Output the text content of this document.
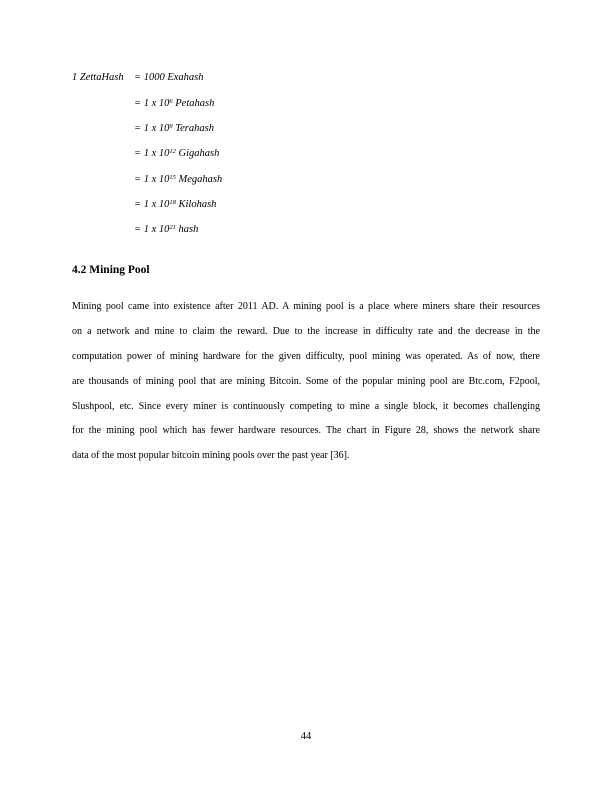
1 ZettaHash = 1000 Exahash
= 1 x $10^6$ Petahash
= 1 x $10^9$ Terahash
= 1 x $10^{12}$ Gigahash
= 1 x $10^{15}$ Megahash
= 1 x $10^{18}$ Kilohash
= 1 x $10^{21}$ hash
4.2 Mining Pool
Mining pool came into existence after 2011 AD. A mining pool is a place where miners share their resources
on a network and mine to claim the reward. Due to the increase in difficulty rate and the decrease in the
computation power of mining hardware for the given difficulty, pool mining was operated. As of now, there
are thousands of mining pool that are mining Bitcoin. Some of the popular mining pool are Btc.com, F2pool,
Slushpool, etc. Since every miner is continuously competing to mine a single block, it becomes challenging
for the mining pool which has fewer hardware resources. The chart in Figure 28, shows the network share
data of the most popular bitcoin mining pools over the past year [36].
44
